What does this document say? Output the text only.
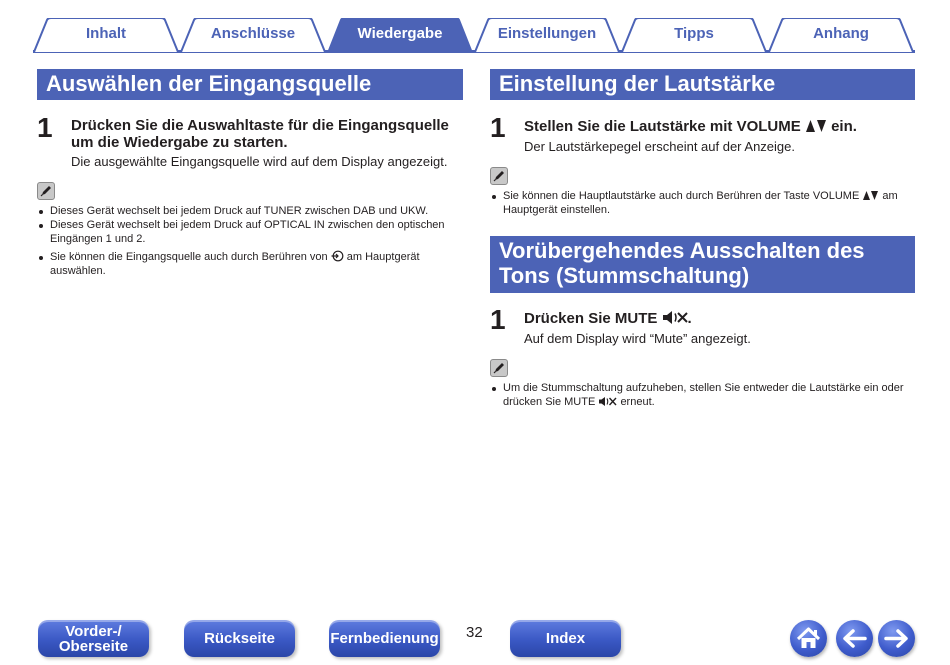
Inhalt	Anschlüsse	Wiedergabe	Einstellungen	Tipps	Anhang
Auswählen der Eingangsquelle
1 Drücken Sie die Auswahltaste für die Eingangsquelle
um die Wiedergabe zu starten.
Die ausgewählte Eingangsquelle wird auf dem Display angezeigt.
Dieses Gerät wechselt bei jedem Druck auf TUNER zwischen DAB und UKW.
Dieses Gerät wechselt bei jedem Druck auf OPTICAL IN zwischen den optischen
Eingängen 1 und 2.
Sie können die Eingangsquelle auch durch Berühren von am Hauptgerät
auswählen.
Einstellung der Lautstärke
1 Stellen Sie die Lautstärke mit VOLUME ein.
Der Lautstärkepegel erscheint auf der Anzeige.
Sie können die Hauptlautstärke auch durch Berühren der Taste VOLUME am
Hauptgerät einstellen.
Vorübergehendes Ausschalten des
Tons (Stummschaltung)
1 Drücken Sie MUTE .
Auf dem Display wird “Mute” angezeigt.
Um die Stummschaltung aufzuheben, stellen Sie entweder die Lautstärke ein oder
drücken Sie MUTE erneut.
Vorder-/
Oberseite	Rückseite	Fernbedienung 32	Index
